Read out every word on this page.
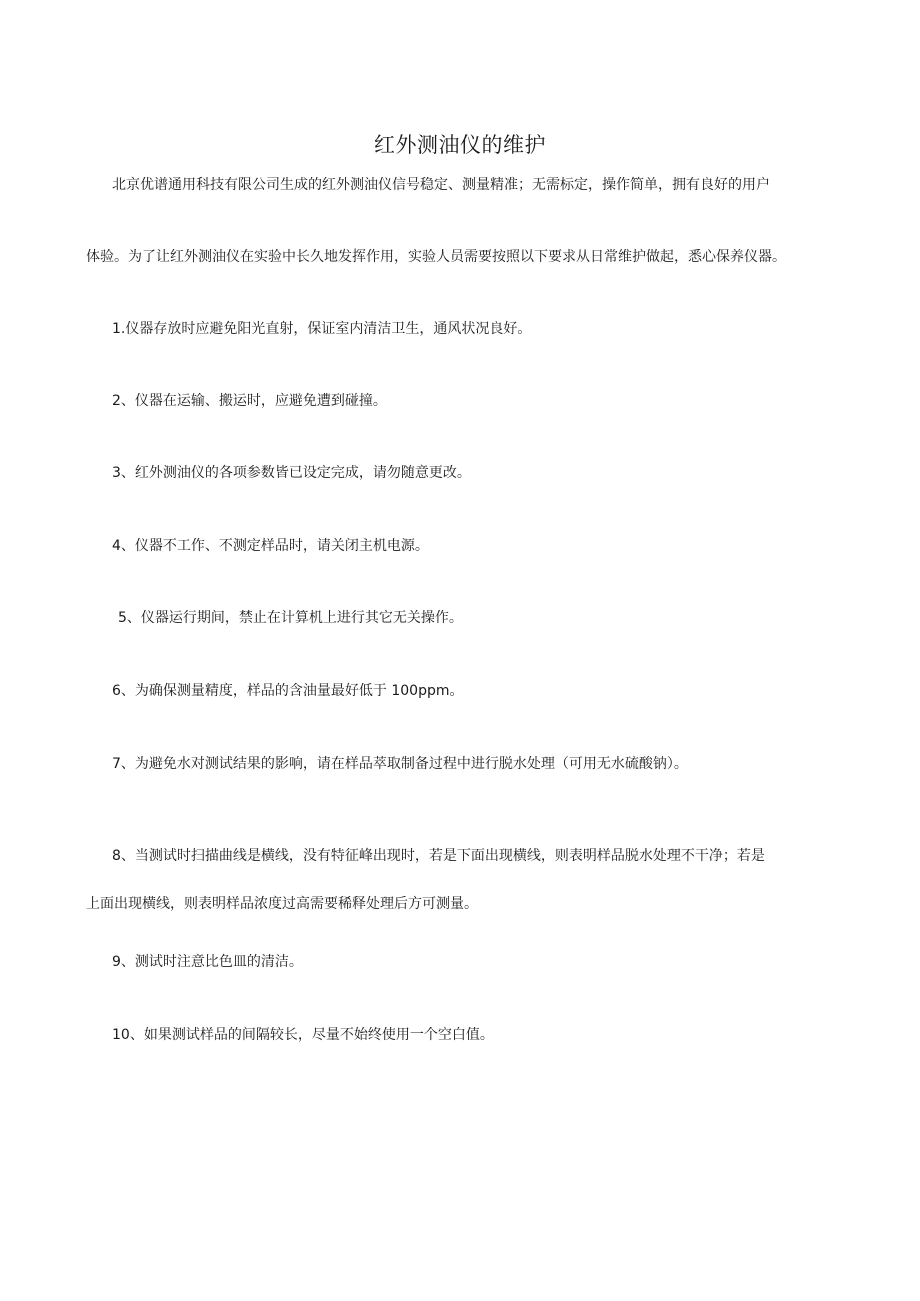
红外测油仪的维护
北京优谱通用科技有限公司生成的红外测油仪信号稳定、测量精准；无需标定，操作简单，拥有良好的用户
体验。为了让红外测油仪在实验中长久地发挥作用，实验人员需要按照以下要求从日常维护做起，悉心保养仪器。
1.仪器存放时应避免阳光直射，保证室内清洁卫生，通风状况良好。
2、仪器在运输、搬运时，应避免遭到碰撞。
3、红外测油仪的各项参数皆已设定完成，请勿随意更改。
4、仪器不工作、不测定样品时，请关闭主机电源。
5、仪器运行期间，禁止在计算机上进行其它无关操作。
6、为确保测量精度，样品的含油量最好低于 100ppm。
7、为避免水对测试结果的影响，请在样品萃取制备过程中进行脱水处理（可用无水硫酸钠）。
8、当测试时扫描曲线是横线，没有特征峰出现时，若是下面出现横线，则表明样品脱水处理不干净；若是
上面出现横线，则表明样品浓度过高需要稀释处理后方可测量。
9、测试时注意比色皿的清洁。
10、如果测试样品的间隔较长，尽量不始终使用一个空白值。
